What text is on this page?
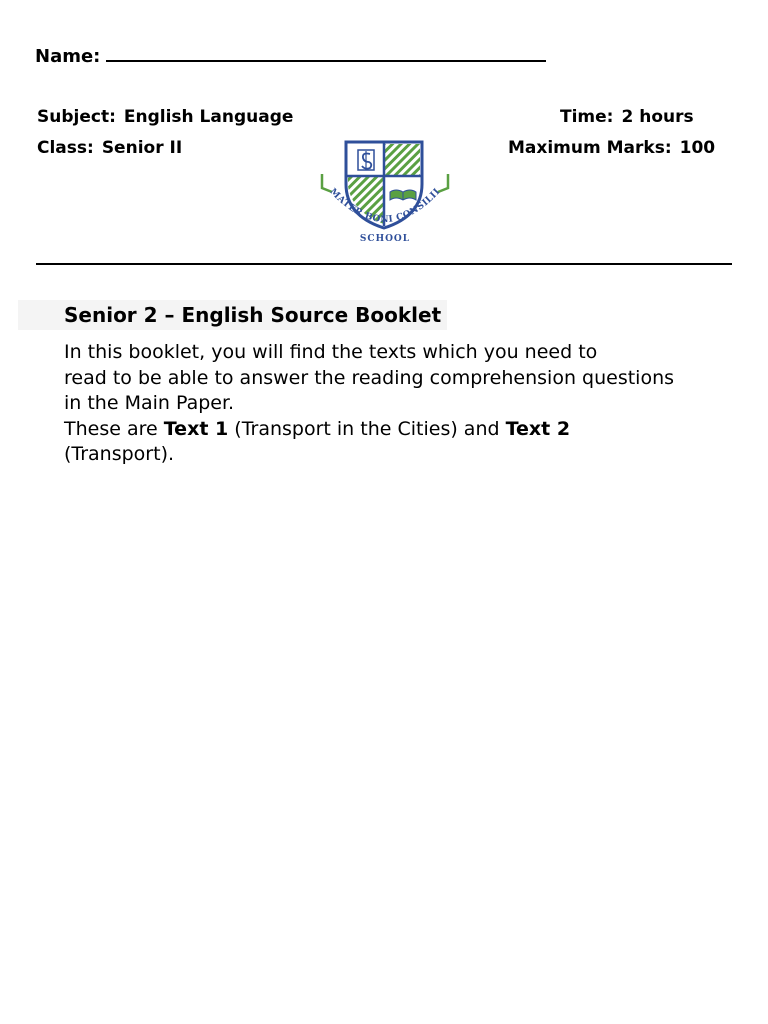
Name:
Subject: English Language
Class: Senior II
Time: 2 hours
Maximum Marks: 100
MATER BONI CONSILII
SCHOOL
Senior 2 – English Source Booklet
In this booklet, you will find the texts which you need to
read to be able to answer the reading comprehension questions
in the Main Paper.
These are Text 1 (Transport in the Cities) and Text 2
(Transport).
